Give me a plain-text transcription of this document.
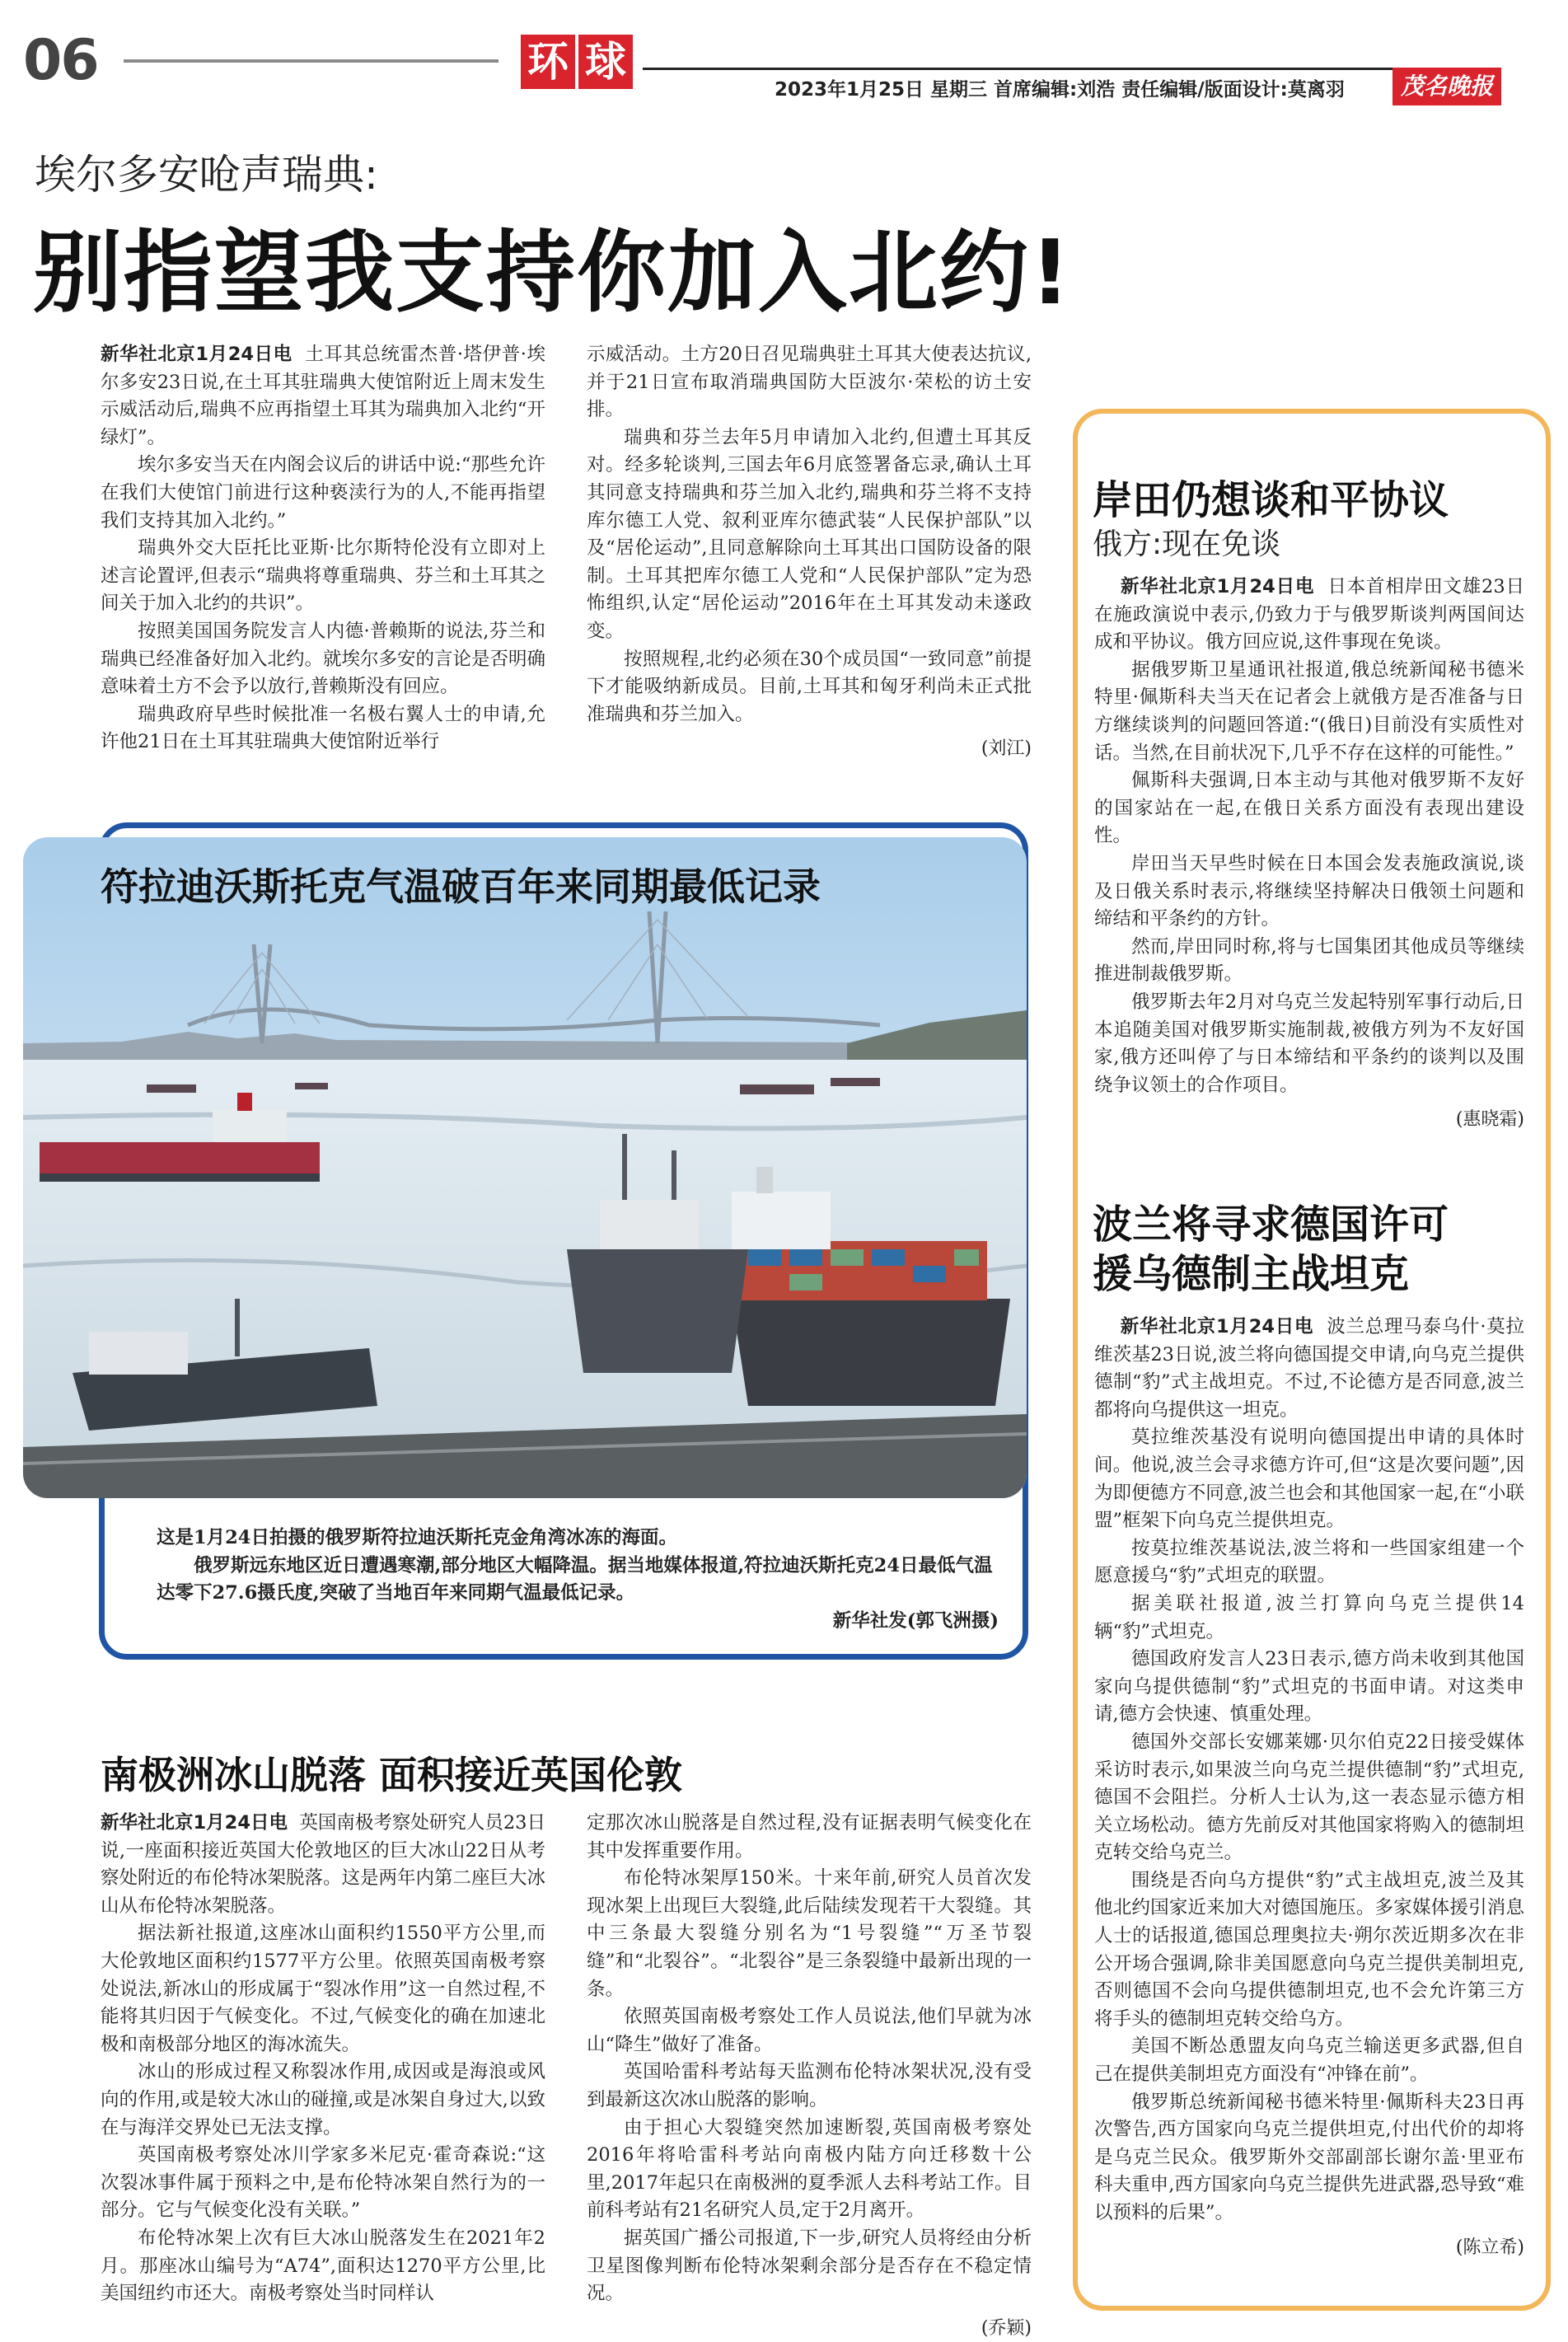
06	环 球
2023年1月25日 星期三 首席编辑:刘浩 责任编辑/版面设计:莫离羽	茂名晚报
埃尔多安呛声瑞典:
别指望我支持你加入北约!

新华社北京1月24日电 土耳其总统雷杰普·塔伊普·埃尔多安23日说,在土耳其驻瑞典大使馆附近上周末发生示威活动后,瑞典不应再指望土耳其为瑞典加入北约“开绿灯”。

埃尔多安当天在内阁会议后的讲话中说:“那些允许在我们大使馆门前进行这种亵渎行为的人,不能再指望我们支持其加入北约。”

瑞典外交大臣托比亚斯·比尔斯特伦没有立即对上述言论置评,但表示“瑞典将尊重瑞典、芬兰和土耳其之间关于加入北约的共识”。

按照美国国务院发言人内德·普赖斯的说法,芬兰和瑞典已经准备好加入北约。就埃尔多安的言论是否明确意味着土方不会予以放行,普赖斯没有回应。

瑞典政府早些时候批准一名极右翼人士的申请,允许他21日在土耳其驻瑞典大使馆附近举行

示威活动。土方20日召见瑞典驻土耳其大使表达抗议,并于21日宣布取消瑞典国防大臣波尔·荣松的访土安排。

瑞典和芬兰去年5月申请加入北约,但遭土耳其反对。经多轮谈判,三国去年6月底签署备忘录,确认土耳其同意支持瑞典和芬兰加入北约,瑞典和芬兰将不支持库尔德工人党、叙利亚库尔德武装“人民保护部队”以及“居伦运动”,且同意解除向土耳其出口国防设备的限制。土耳其把库尔德工人党和“人民保护部队”定为恐怖组织,认定“居伦运动”2016年在土耳其发动未遂政变。

按照规程,北约必须在30个成员国“一致同意”前提下才能吸纳新成员。目前,土耳其和匈牙利尚未正式批准瑞典和芬兰加入。

(刘江)
符拉迪沃斯托克气温破百年来同期最低记录

这是1月24日拍摄的俄罗斯符拉迪沃斯托克金角湾冰冻的海面。

俄罗斯远东地区近日遭遇寒潮,部分地区大幅降温。据当地媒体报道,符拉迪沃斯托克24日最低气温达零下27.6摄氏度,突破了当地百年来同期气温最低记录。

新华社发(郭飞洲摄)

南极洲冰山脱落 面积接近英国伦敦

新华社北京1月24日电 英国南极考察处研究人员23日说,一座面积接近英国大伦敦地区的巨大冰山22日从考察处附近的布伦特冰架脱落。这是两年内第二座巨大冰山从布伦特冰架脱落。

据法新社报道,这座冰山面积约1550平方公里,而大伦敦地区面积约1577平方公里。依照英国南极考察处说法,新冰山的形成属于“裂冰作用”这一自然过程,不能将其归因于气候变化。不过,气候变化的确在加速北极和南极部分地区的海冰流失。

冰山的形成过程又称裂冰作用,成因或是海浪或风向的作用,或是较大冰山的碰撞,或是冰架自身过大,以致在与海洋交界处已无法支撑。

英国南极考察处冰川学家多米尼克·霍奇森说:“这次裂冰事件属于预料之中,是布伦特冰架自然行为的一部分。它与气候变化没有关联。”

布伦特冰架上次有巨大冰山脱落发生在2021年2月。那座冰山编号为“A74”,面积达1270平方公里,比美国纽约市还大。南极考察处当时同样认

定那次冰山脱落是自然过程,没有证据表明气候变化在其中发挥重要作用。

布伦特冰架厚150米。十来年前,研究人员首次发现冰架上出现巨大裂缝,此后陆续发现若干大裂缝。其中三条最大裂缝分别名为“1号裂缝”“万圣节裂缝”和“北裂谷”。“北裂谷”是三条裂缝中最新出现的一条。

依照英国南极考察处工作人员说法,他们早就为冰山“降生”做好了准备。

英国哈雷科考站每天监测布伦特冰架状况,没有受到最新这次冰山脱落的影响。

由于担心大裂缝突然加速断裂,英国南极考察处2016年将哈雷科考站向南极内陆方向迁移数十公里,2017年起只在南极洲的夏季派人去科考站工作。目前科考站有21名研究人员,定于2月离开。

据英国广播公司报道,下一步,研究人员将经由分析卫星图像判断布伦特冰架剩余部分是否存在不稳定情况。

(乔颖)
岸田仍想谈和平协议
俄方:现在免谈

新华社北京1月24日电 日本首相岸田文雄23日在施政演说中表示,仍致力于与俄罗斯谈判两国间达成和平协议。俄方回应说,这件事现在免谈。

据俄罗斯卫星通讯社报道,俄总统新闻秘书德米特里·佩斯科夫当天在记者会上就俄方是否准备与日方继续谈判的问题回答道:“(俄日)目前没有实质性对话。当然,在目前状况下,几乎不存在这样的可能性。”

佩斯科夫强调,日本主动与其他对俄罗斯不友好的国家站在一起,在俄日关系方面没有表现出建设性。

岸田当天早些时候在日本国会发表施政演说,谈及日俄关系时表示,将继续坚持解决日俄领土问题和缔结和平条约的方针。

然而,岸田同时称,将与七国集团其他成员等继续推进制裁俄罗斯。

俄罗斯去年2月对乌克兰发起特别军事行动后,日本追随美国对俄罗斯实施制裁,被俄方列为不友好国家,俄方还叫停了与日本缔结和平条约的谈判以及围绕争议领土的合作项目。

(惠晓霜)
波兰将寻求德国许可
援乌德制主战坦克

新华社北京1月24日电 波兰总理马泰乌什·莫拉维茨基23日说,波兰将向德国提交申请,向乌克兰提供德制“豹”式主战坦克。不过,不论德方是否同意,波兰都将向乌提供这一坦克。

莫拉维茨基没有说明向德国提出申请的具体时间。他说,波兰会寻求德方许可,但“这是次要问题”,因为即便德方不同意,波兰也会和其他国家一起,在“小联盟”框架下向乌克兰提供坦克。

按莫拉维茨基说法,波兰将和一些国家组建一个愿意援乌“豹”式坦克的联盟。

据美联社报道,波兰打算向乌克兰提供14辆“豹”式坦克。

德国政府发言人23日表示,德方尚未收到其他国家向乌提供德制“豹”式坦克的书面申请。对这类申请,德方会快速、慎重处理。

德国外交部长安娜莱娜·贝尔伯克22日接受媒体采访时表示,如果波兰向乌克兰提供德制“豹”式坦克,德国不会阻拦。分析人士认为,这一表态显示德方相关立场松动。德方先前反对其他国家将购入的德制坦克转交给乌克兰。

围绕是否向乌方提供“豹”式主战坦克,波兰及其他北约国家近来加大对德国施压。多家媒体援引消息人士的话报道,德国总理奥拉夫·朔尔茨近期多次在非公开场合强调,除非美国愿意向乌克兰提供美制坦克,否则德国不会向乌提供德制坦克,也不会允许第三方将手头的德制坦克转交给乌方。

美国不断怂恿盟友向乌克兰输送更多武器,但自己在提供美制坦克方面没有“冲锋在前”。

俄罗斯总统新闻秘书德米特里·佩斯科夫23日再次警告,西方国家向乌克兰提供坦克,付出代价的却将是乌克兰民众。俄罗斯外交部副部长谢尔盖·里亚布科夫重申,西方国家向乌克兰提供先进武器,恐导致“难以预料的后果”。

(陈立希)
